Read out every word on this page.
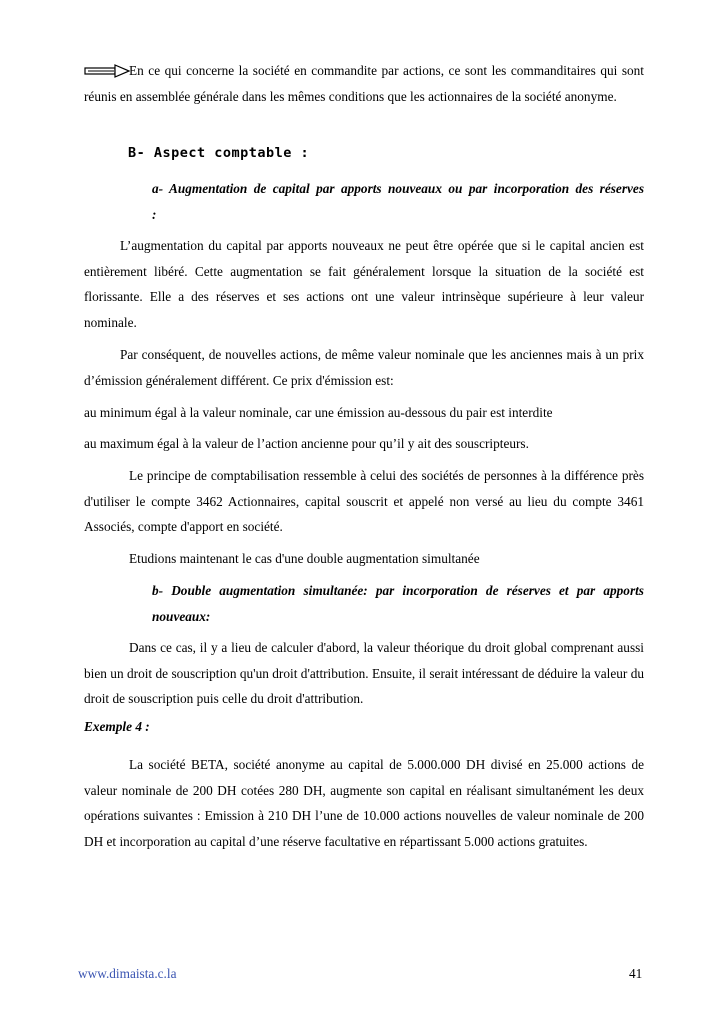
En ce qui concerne la société en commandite par actions, ce sont les commanditaires qui sont réunis en assemblée générale dans les mêmes conditions que les actionnaires de la société anonyme.

B- Aspect comptable :

a- Augmentation de capital par apports nouveaux ou par incorporation des réserves :

L’augmentation du capital par apports nouveaux ne peut être opérée que si le capital ancien est entièrement libéré. Cette augmentation se fait généralement lorsque la situation de la société est florissante. Elle a des réserves et ses actions ont une valeur intrinsèque supérieure à leur valeur nominale.

Par conséquent, de nouvelles actions, de même valeur nominale que les anciennes mais à un prix d’émission généralement différent. Ce prix d'émission est:

au minimum égal à la valeur nominale, car une émission au-dessous du pair est interdite

au maximum égal à la valeur de l’action ancienne pour qu’il y ait des souscripteurs.

Le principe de comptabilisation ressemble à celui des sociétés de personnes à la différence près d'utiliser le compte 3462 Actionnaires, capital souscrit et appelé non versé au lieu du compte 3461 Associés, compte d'apport en société.

Etudions maintenant le cas d'une double augmentation simultanée

b- Double augmentation simultanée: par incorporation de réserves et par apports nouveaux:

Dans ce cas, il y a lieu de calculer d'abord, la valeur théorique du droit global comprenant aussi bien un droit de souscription qu'un droit d'attribution. Ensuite, il serait intéressant de déduire la valeur du droit de souscription puis celle du droit d'attribution.

Exemple 4 :

La société BETA, société anonyme au capital de 5.000.000 DH divisé en 25.000 actions de valeur nominale de 200 DH cotées 280 DH, augmente son capital en réalisant simultanément les deux opérations suivantes : Emission à 210 DH l’une de 10.000 actions nouvelles de valeur nominale de 200 DH et incorporation au capital d’une réserve facultative en répartissant 5.000 actions gratuites.

www.dimaista.c.la	41
